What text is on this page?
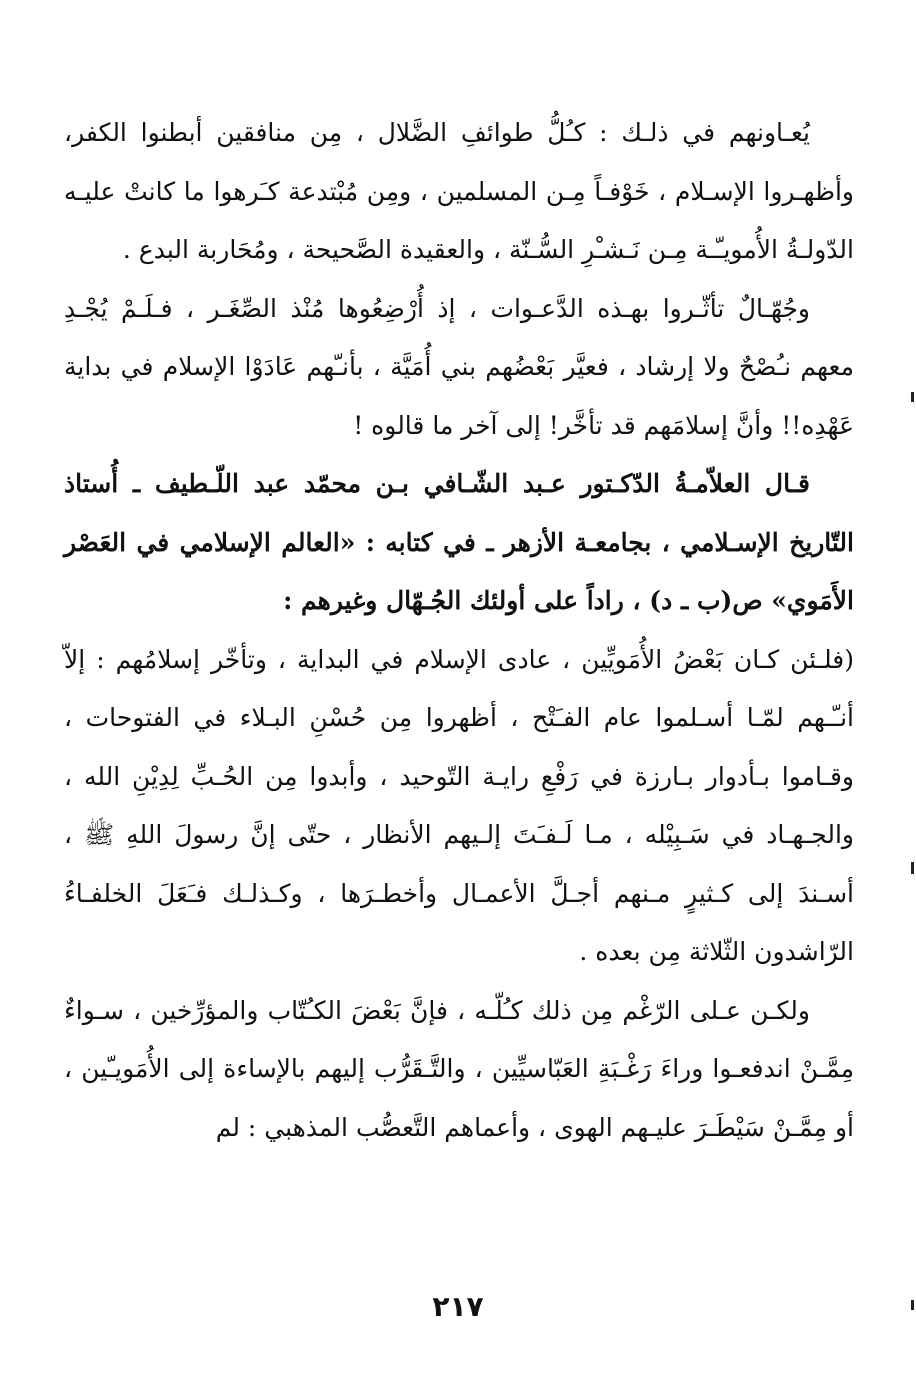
يُعـاونهم في ذلـك : كـُلُّ طوائفِ الضَّلال ، مِن منافقين أبطنوا الكفر، وأظهـروا الإسـلام ، خَوْفـاً مِـن المسلمين ، ومِن مُبْتدعة كـَرهوا ما كانتْ عليـه الدّولـةُ الأُمويـّـة مِـن نَـشـْرِ السُّـنّة ، والعقيدة الصَّحيحة ، ومُحَاربة البدع .

وجُهّـالٌ تأثّـروا بهـذه الدَّعـوات ، إذ أُرْضِعُوها مُنْذ الصِّغَـر ، فـلَـمْ يُجْـدِ معهم نـُصْحٌ ولا إرشاد ، فعيَّر بَعْضُهم بني أُمَيَّة ، بأنـّهم عَادَوْا الإسلام في بداية عَهْدِه!! وأنَّ إسلامَهم قد تأخَّر! إلى آخر ما قالوه !

قـال العلاّمـةُ الدّكـتور عـبد الشّـافي بـن محمّد عبد اللّـطيف ـ أُستاذ التّاريخ الإسـلامي ، بجامعـة الأزهر ـ في كتابه : «العالم الإسلامي في العَصْر الأَمَوي» ص(ب ـ د) ، راداً على أولئك الجُـهّال وغيرهم :

(فلـئن كـان بَعْضُ الأُمَويِّين ، عادى الإسلام في البداية ، وتأخّر إسلامُهم : إلاّ أنـّـهم لمّـا أسـلموا عام الفـَتْح ، أظهروا مِن حُسْنِ البـلاء في الفتوحات ، وقـاموا بـأدوار بـارزة في رَفْعِ رايـة التّوحيد ، وأبدوا مِن الحُـبِّ لِدِيْنِ الله ، والجـهـاد في سَـبِيْله ، مـا لَـفـَتَ إلـيهم الأنظار ، حتّى إنَّ رسولَ اللهِ ﷺ ، أسـندَ إلى كـثيرٍ مـنهم أجـلَّ الأعمـال وأخطـرَها ، وكـذلـك فـَعَلَ الخلفـاءُ الرّاشدون الثّلاثة مِن بعده .

ولكـن عـلى الرّغْم مِن ذلك كـُلّـه ، فإنَّ بَعْضَ الكـُتّاب والمؤرِّخين ، سـواءٌ مِمَّـنْ اندفعـوا وراءَ رَغْـبَةِ العَبّاسيِّين ، والتَّـقَرُّب إليهم بالإساءة إلى الأُمَويـّين ، أو مِمَّـنْ سَيْطَـرَ عليـهم الهوى ، وأعماهم التَّعصُّب المذهبي : لم

٢١٧
